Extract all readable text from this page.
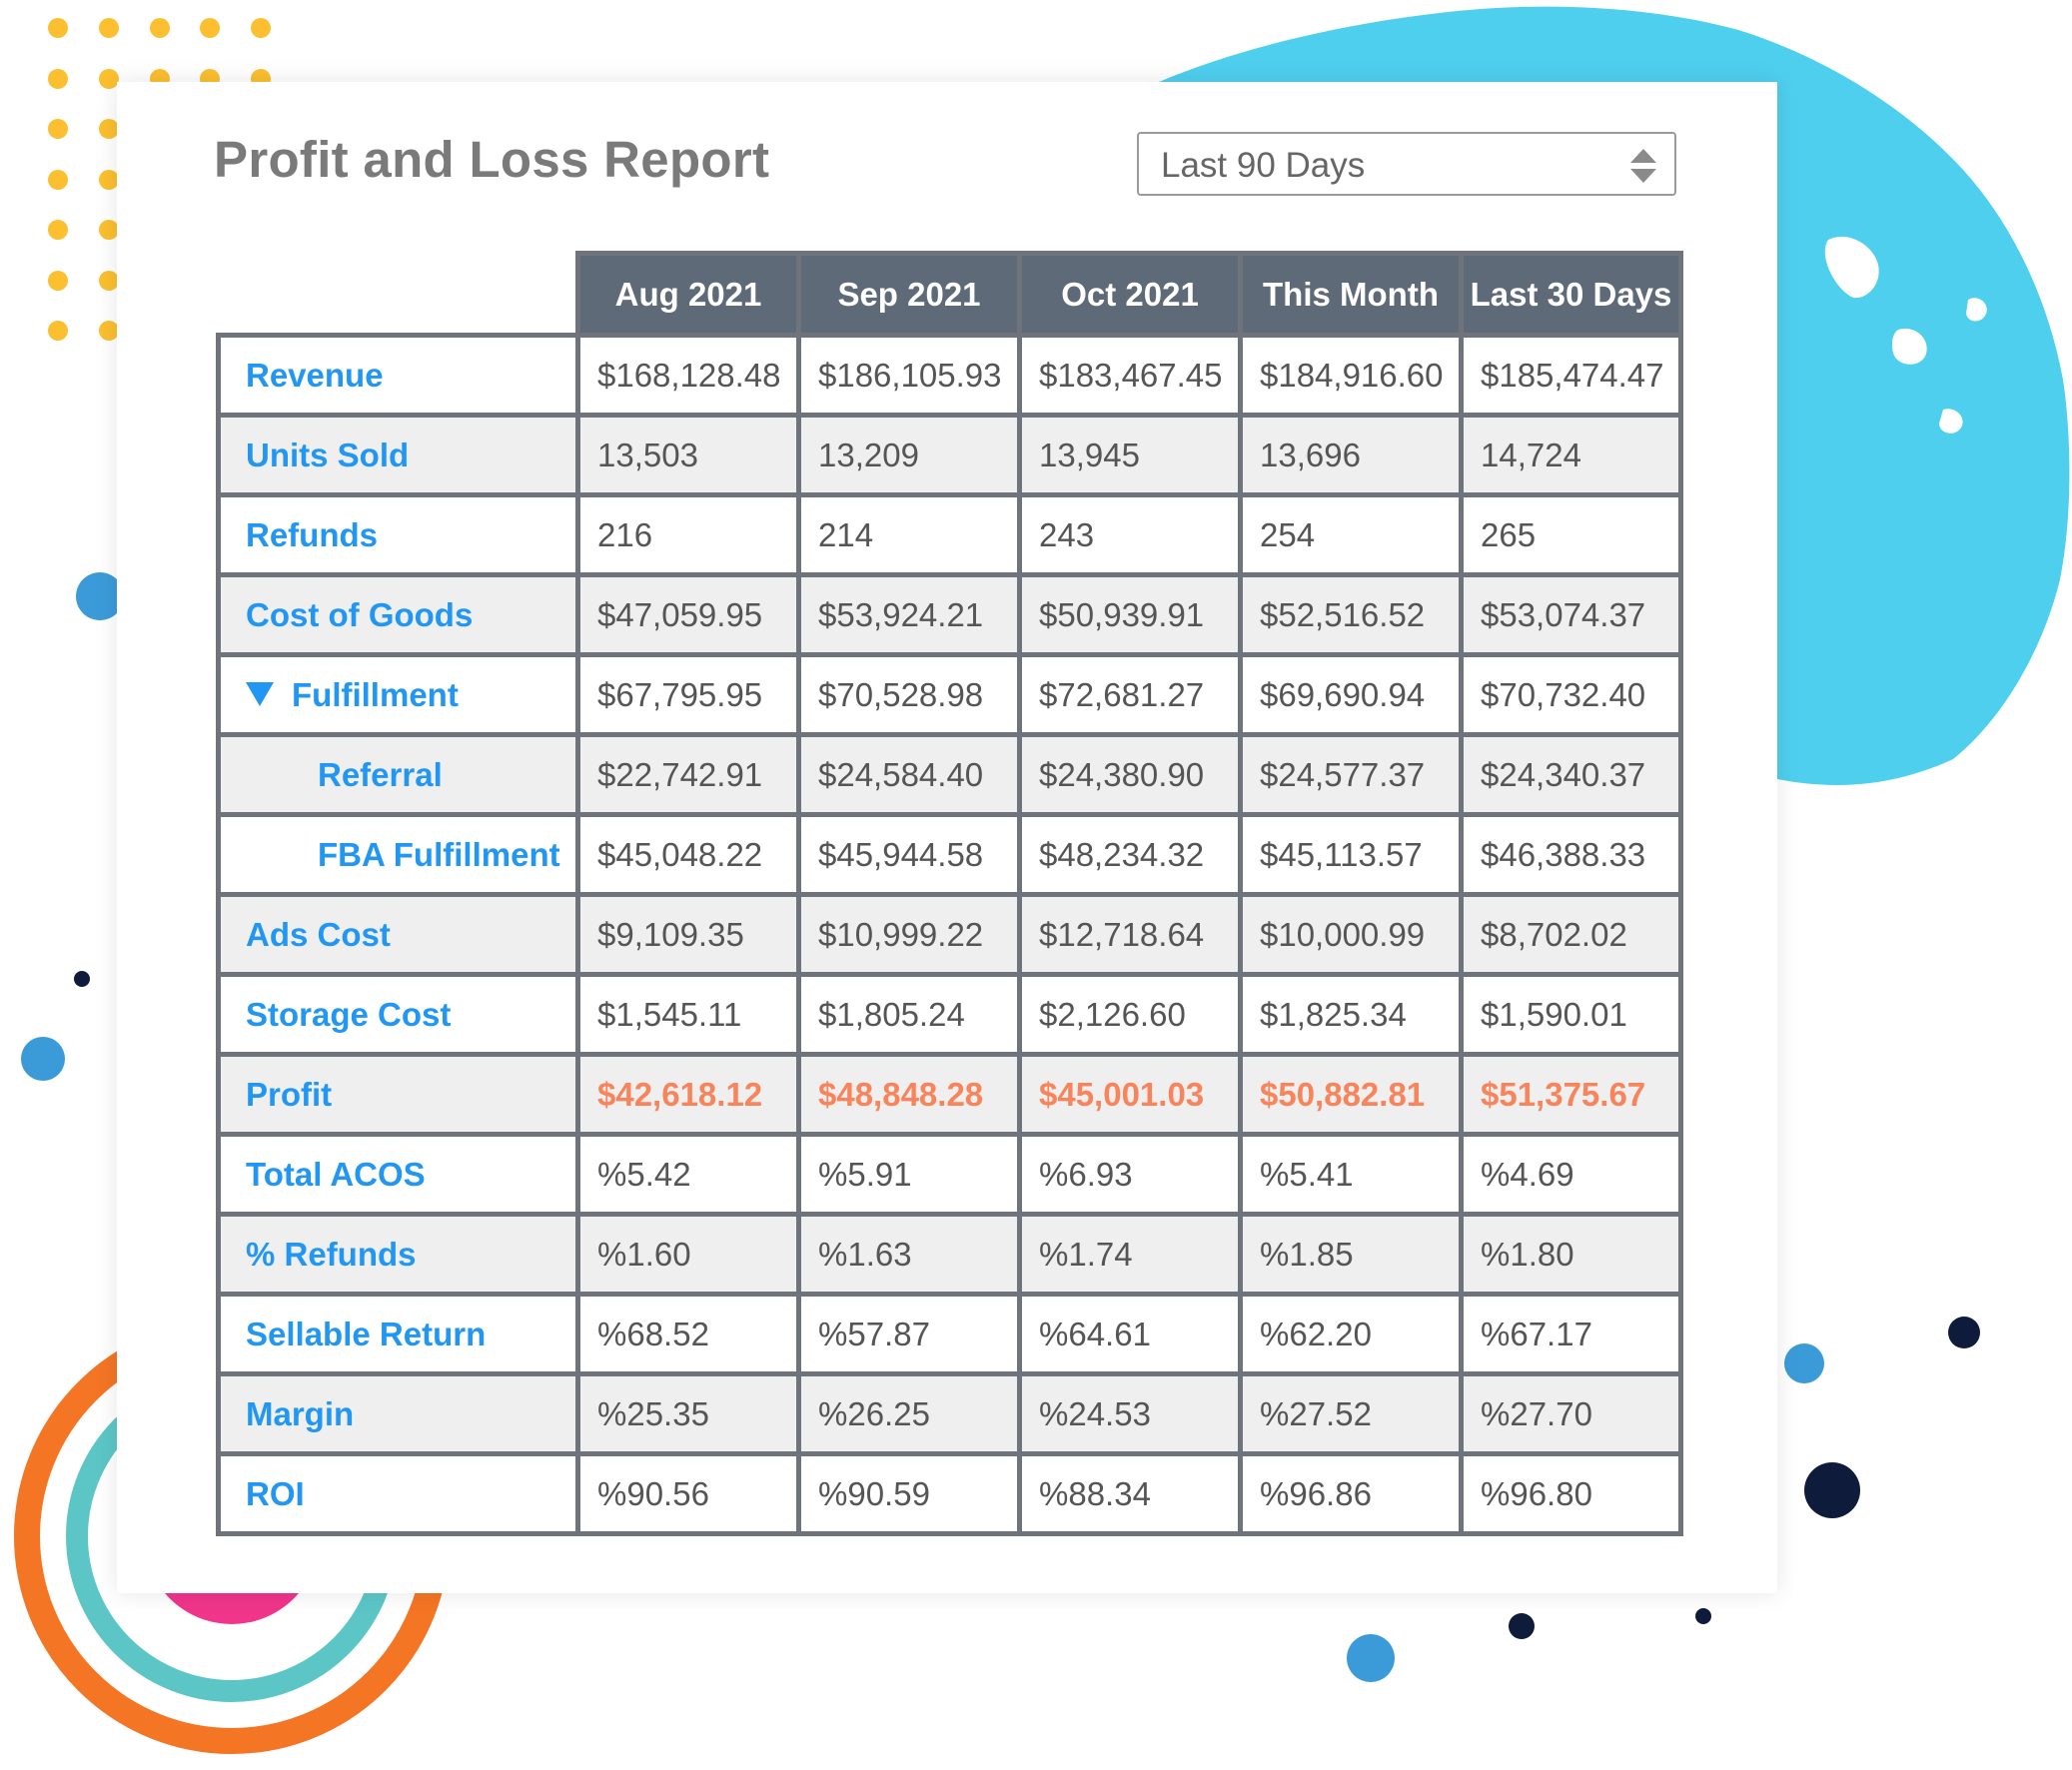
Profit and Loss Report	Last 90 Days
	Aug 2021	Sep 2021	Oct 2021	This Month	Last 30 Days
Revenue	$168,128.48	$186,105.93	$183,467.45	$184,916.60	$185,474.47
Units Sold	13,503	13,209	13,945	13,696	14,724
Refunds	216	214	243	254	265
Cost of Goods	$47,059.95	$53,924.21	$50,939.91	$52,516.52	$53,074.37
Fulfillment	$67,795.95	$70,528.98	$72,681.27	$69,690.94	$70,732.40
Referral	$22,742.91	$24,584.40	$24,380.90	$24,577.37	$24,340.37
FBA Fulfillment	$45,048.22	$45,944.58	$48,234.32	$45,113.57	$46,388.33
Ads Cost	$9,109.35	$10,999.22	$12,718.64	$10,000.99	$8,702.02
Storage Cost	$1,545.11	$1,805.24	$2,126.60	$1,825.34	$1,590.01
Profit	$42,618.12	$48,848.28	$45,001.03	$50,882.81	$51,375.67
Total ACOS	%5.42	%5.91	%6.93	%5.41	%4.69
% Refunds	%1.60	%1.63	%1.74	%1.85	%1.80
Sellable Return	%68.52	%57.87	%64.61	%62.20	%67.17
Margin	%25.35	%26.25	%24.53	%27.52	%27.70
ROI	%90.56	%90.59	%88.34	%96.86	%96.80
